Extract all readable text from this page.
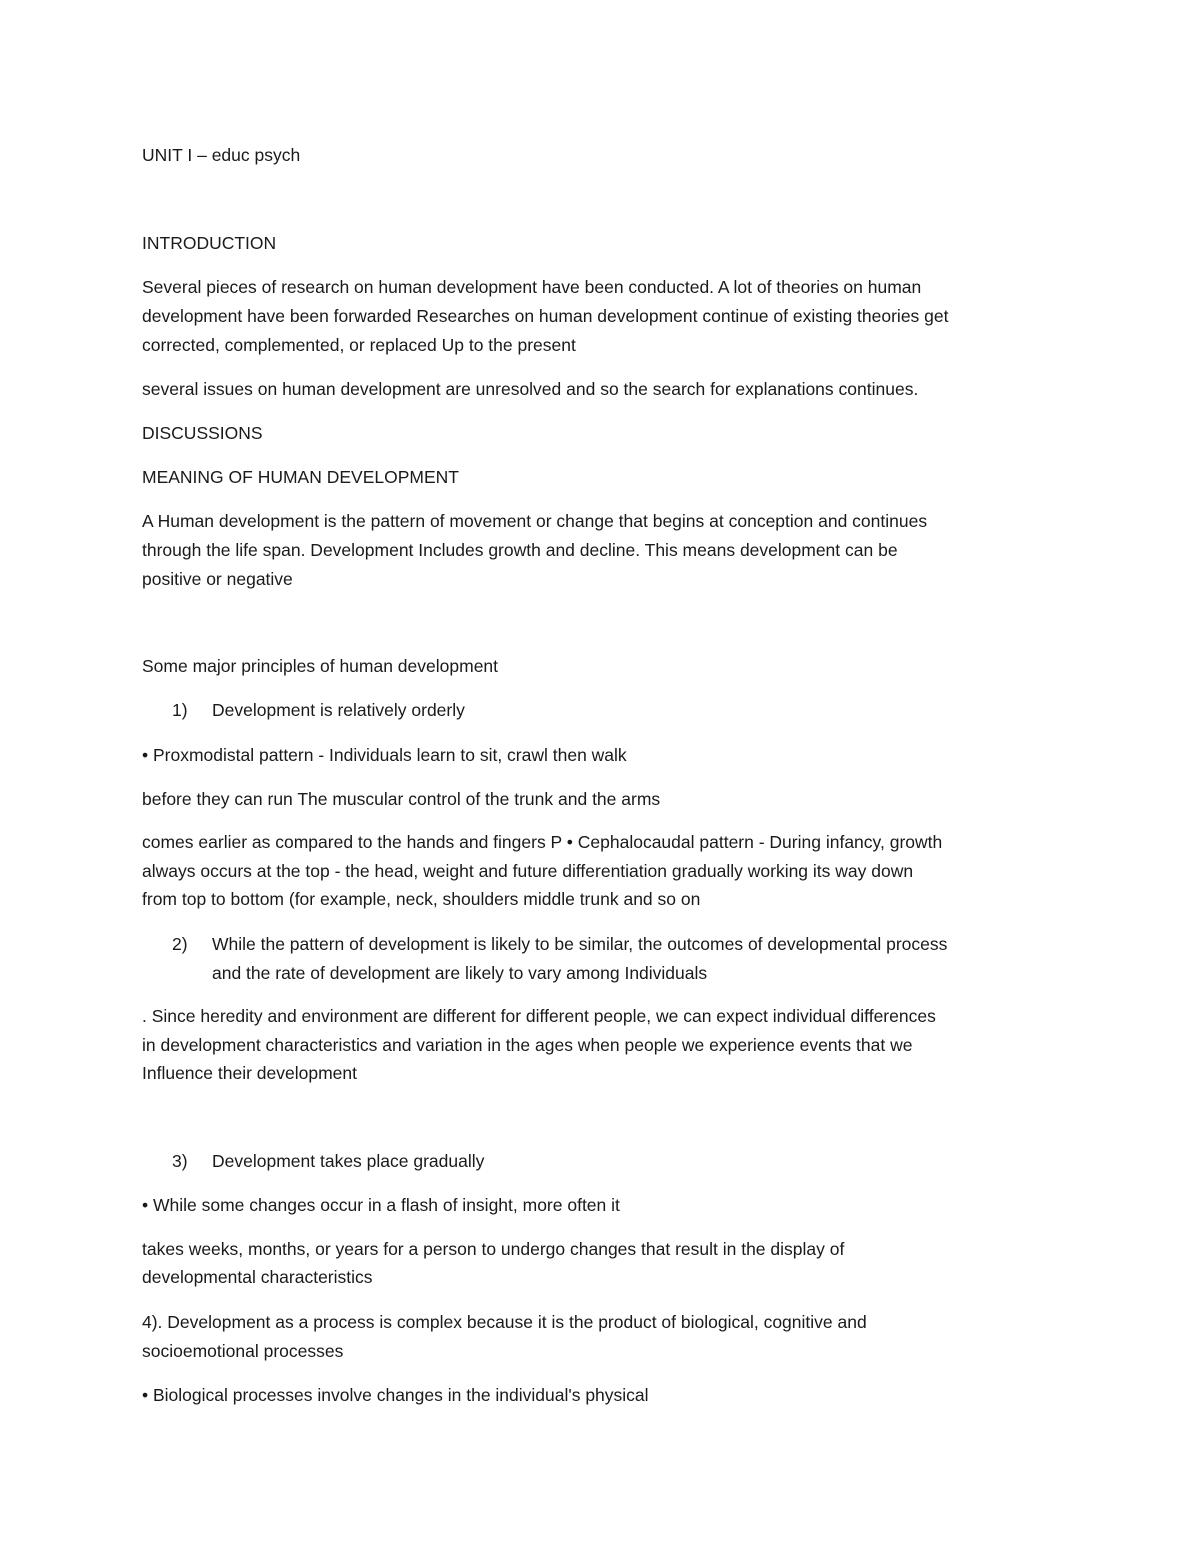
UNIT I – educ psych
INTRODUCTION
Several pieces of research on human development have been conducted. A lot of theories on human
development have been forwarded Researches on human development continue of existing theories get
corrected, complemented, or replaced Up to the present
several issues on human development are unresolved and so the search for explanations continues.
DISCUSSIONS
MEANING OF HUMAN DEVELOPMENT
A Human development is the pattern of movement or change that begins at conception and continues
through the life span. Development Includes growth and decline. This means development can be
positive or negative
Some major principles of human development
1) Development is relatively orderly
• Proxmodistal pattern - Individuals learn to sit, crawl then walk
before they can run The muscular control of the trunk and the arms
comes earlier as compared to the hands and fingers P • Cephalocaudal pattern - During infancy, growth
always occurs at the top - the head, weight and future differentiation gradually working its way down
from top to bottom (for example, neck, shoulders middle trunk and so on
2) While the pattern of development is likely to be similar, the outcomes of developmental process
and the rate of development are likely to vary among Individuals
. Since heredity and environment are different for different people, we can expect individual differences
in development characteristics and variation in the ages when people we experience events that we
Influence their development
3) Development takes place gradually
• While some changes occur in a flash of insight, more often it
takes weeks, months, or years for a person to undergo changes that result in the display of
developmental characteristics
4). Development as a process is complex because it is the product of biological, cognitive and
socioemotional processes
• Biological processes involve changes in the individual's physical
